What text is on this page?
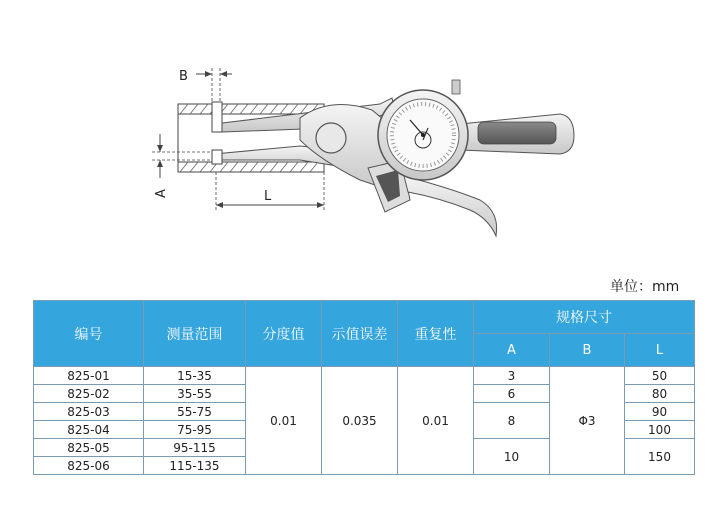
B
A	L
单位：mm
编号	测量范围	分度值	示值误差	重复性	规格尺寸		
					A	B	L
825-01	15-35	0.01	0.035	0.01	3	Φ3	50
825-02	35-55				6		80
825-03	55-75				8		90
825-04	75-95						100
825-05	95-115				10		150
825-06	115-135						
